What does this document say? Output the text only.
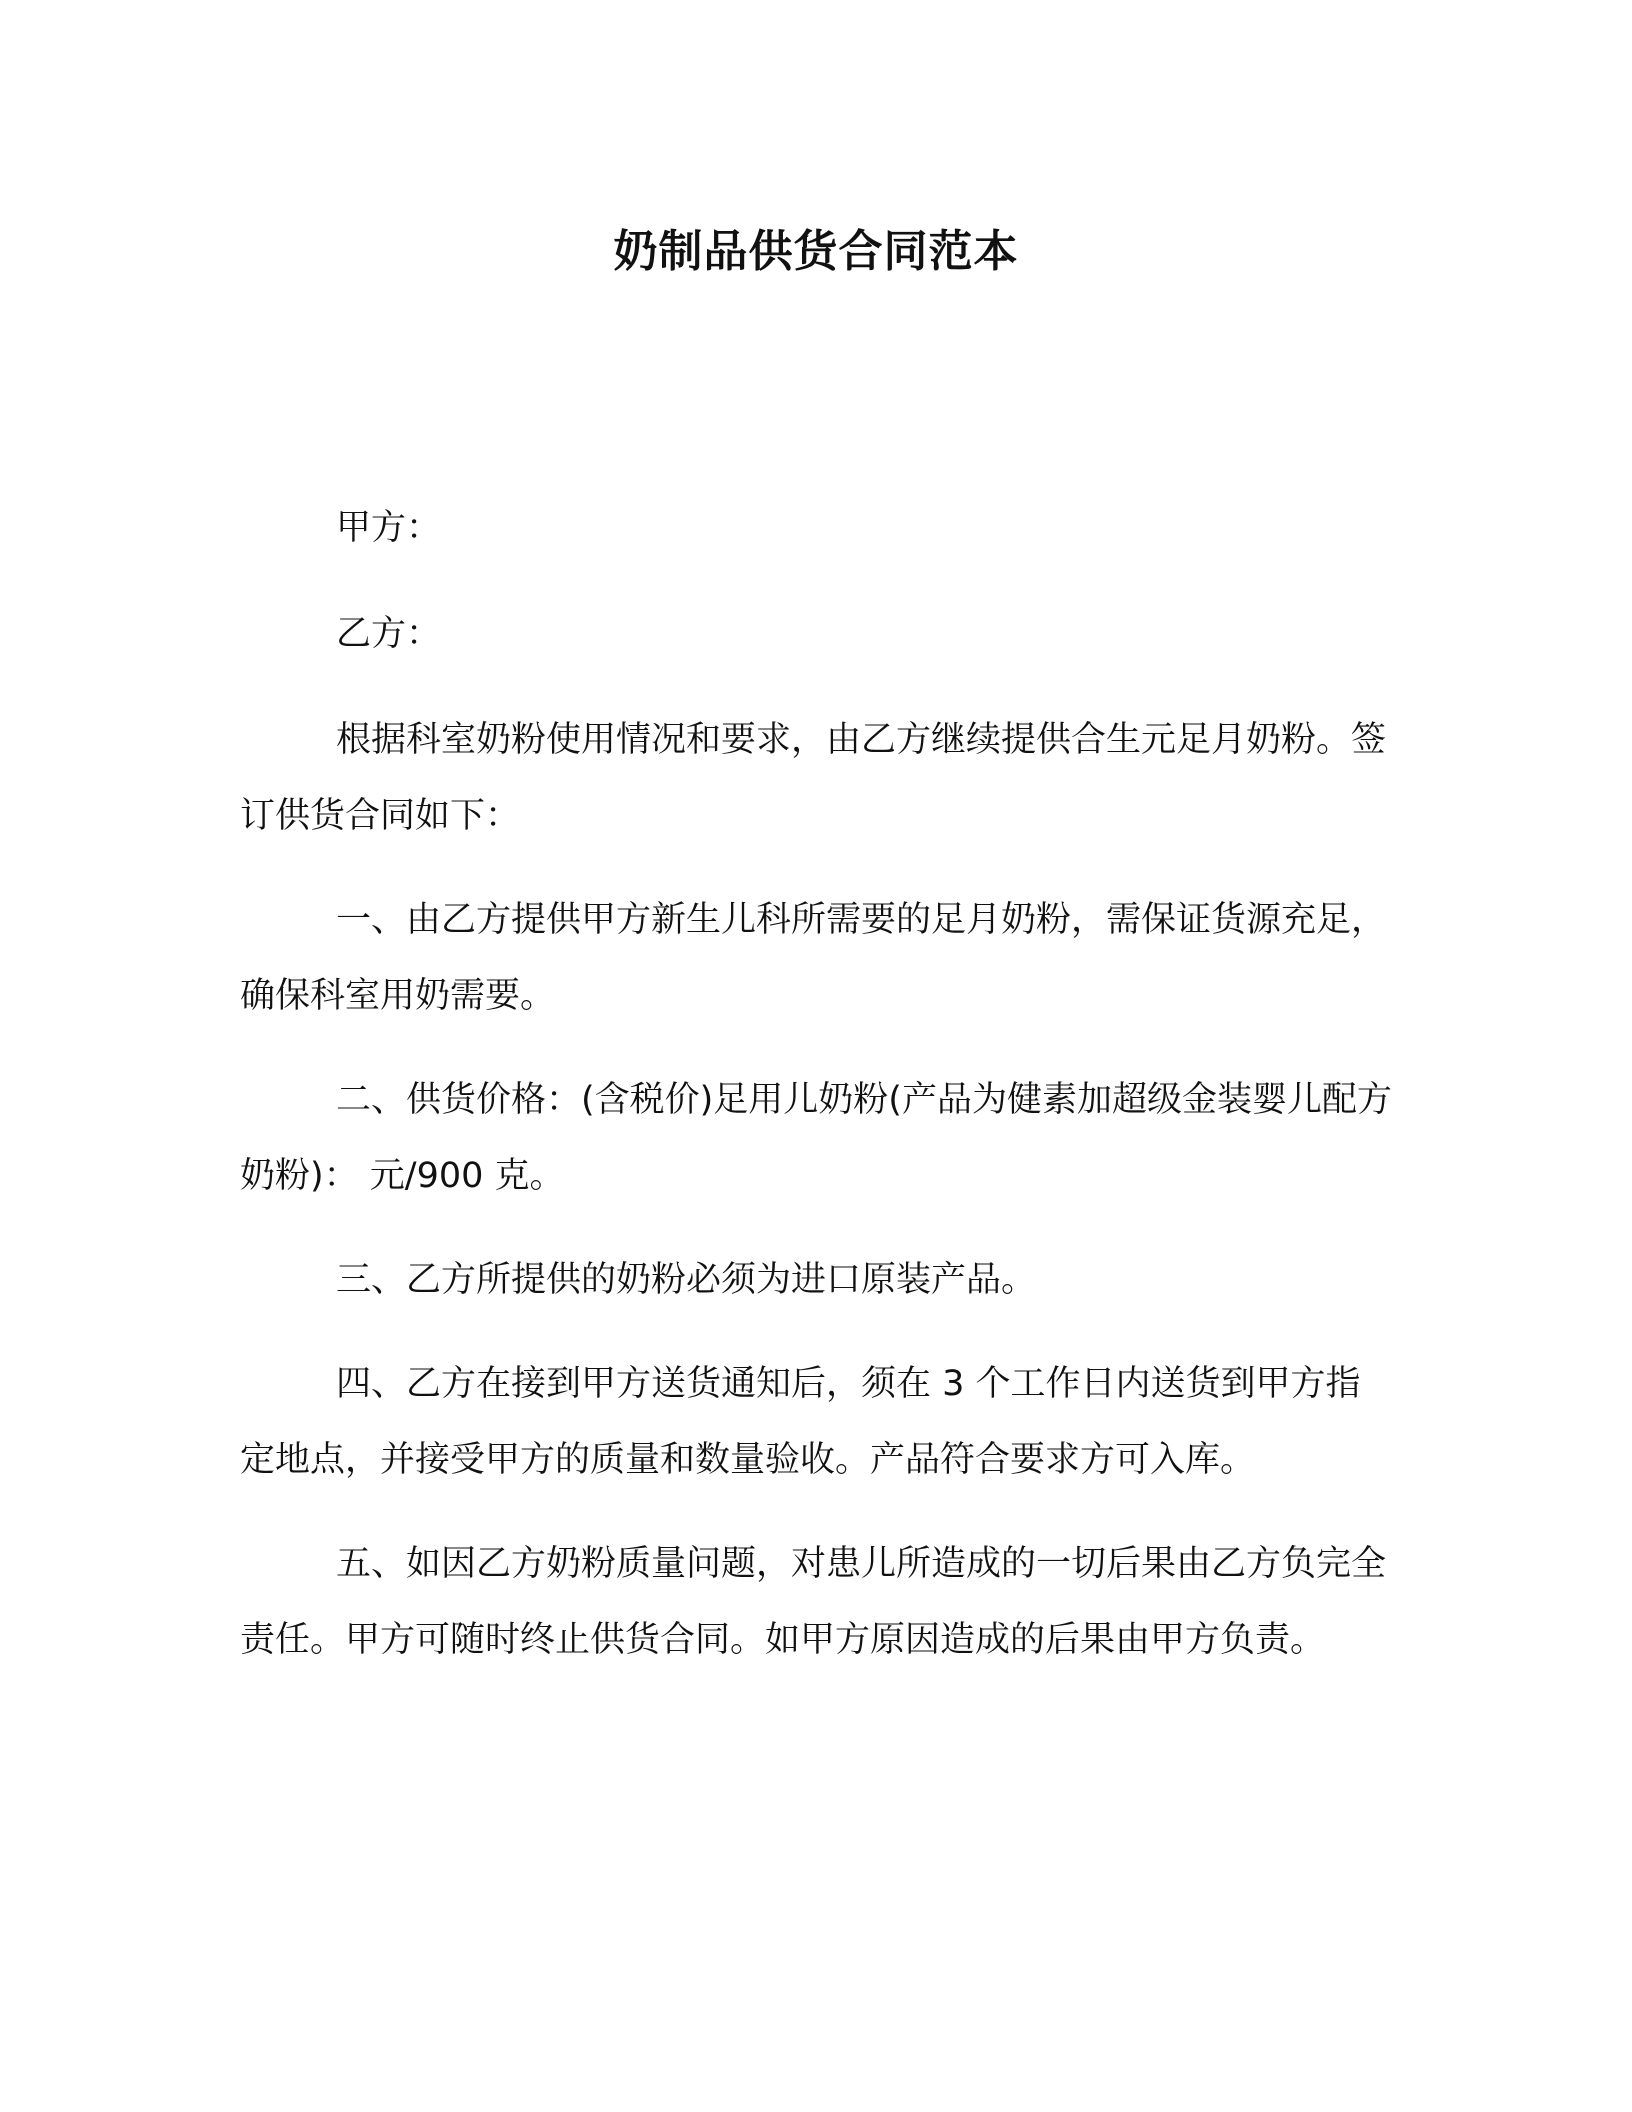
奶制品供货合同范本

甲方：

乙方：

根据科室奶粉使用情况和要求，由乙方继续提供合生元足月奶粉。签订供货合同如下：

一、由乙方提供甲方新生儿科所需要的足月奶粉，需保证货源充足，确保科室用奶需要。

二、供货价格：(含税价)足用儿奶粉(产品为健素加超级金装婴儿配方奶粉)： 元/900 克。

三、乙方所提供的奶粉必须为进口原装产品。

四、乙方在接到甲方送货通知后，须在 3 个工作日内送货到甲方指定地点，并接受甲方的质量和数量验收。产品符合要求方可入库。

五、如因乙方奶粉质量问题，对患儿所造成的一切后果由乙方负完全责任。甲方可随时终止供货合同。如甲方原因造成的后果由甲方负责。
